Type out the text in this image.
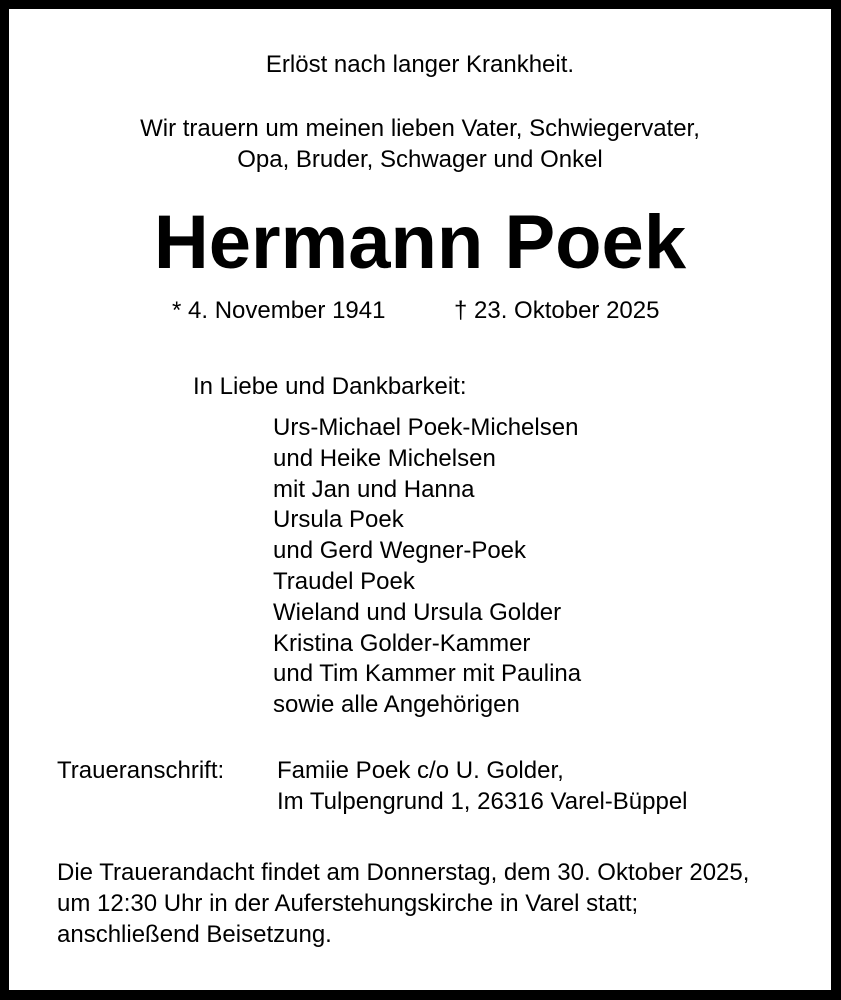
Erlöst nach langer Krankheit.
Wir trauern um meinen lieben Vater, Schwiegervater,
Opa, Bruder, Schwager und Onkel
Hermann Poek
* 4. November 1941	† 23. Oktober 2025
In Liebe und Dankbarkeit:
Urs-Michael Poek-Michelsen
und Heike Michelsen
mit Jan und Hanna
Ursula Poek
und Gerd Wegner-Poek
Traudel Poek
Wieland und Ursula Golder
Kristina Golder-Kammer
und Tim Kammer mit Paulina
sowie alle Angehörigen
Traueranschrift: Famiie Poek c/o U. Golder,
Im Tulpengrund 1, 26316 Varel-Büppel
Die Trauerandacht findet am Donnerstag, dem 30. Oktober 2025,
um 12:30 Uhr in der Auferstehungskirche in Varel statt;
anschließend Beisetzung.
